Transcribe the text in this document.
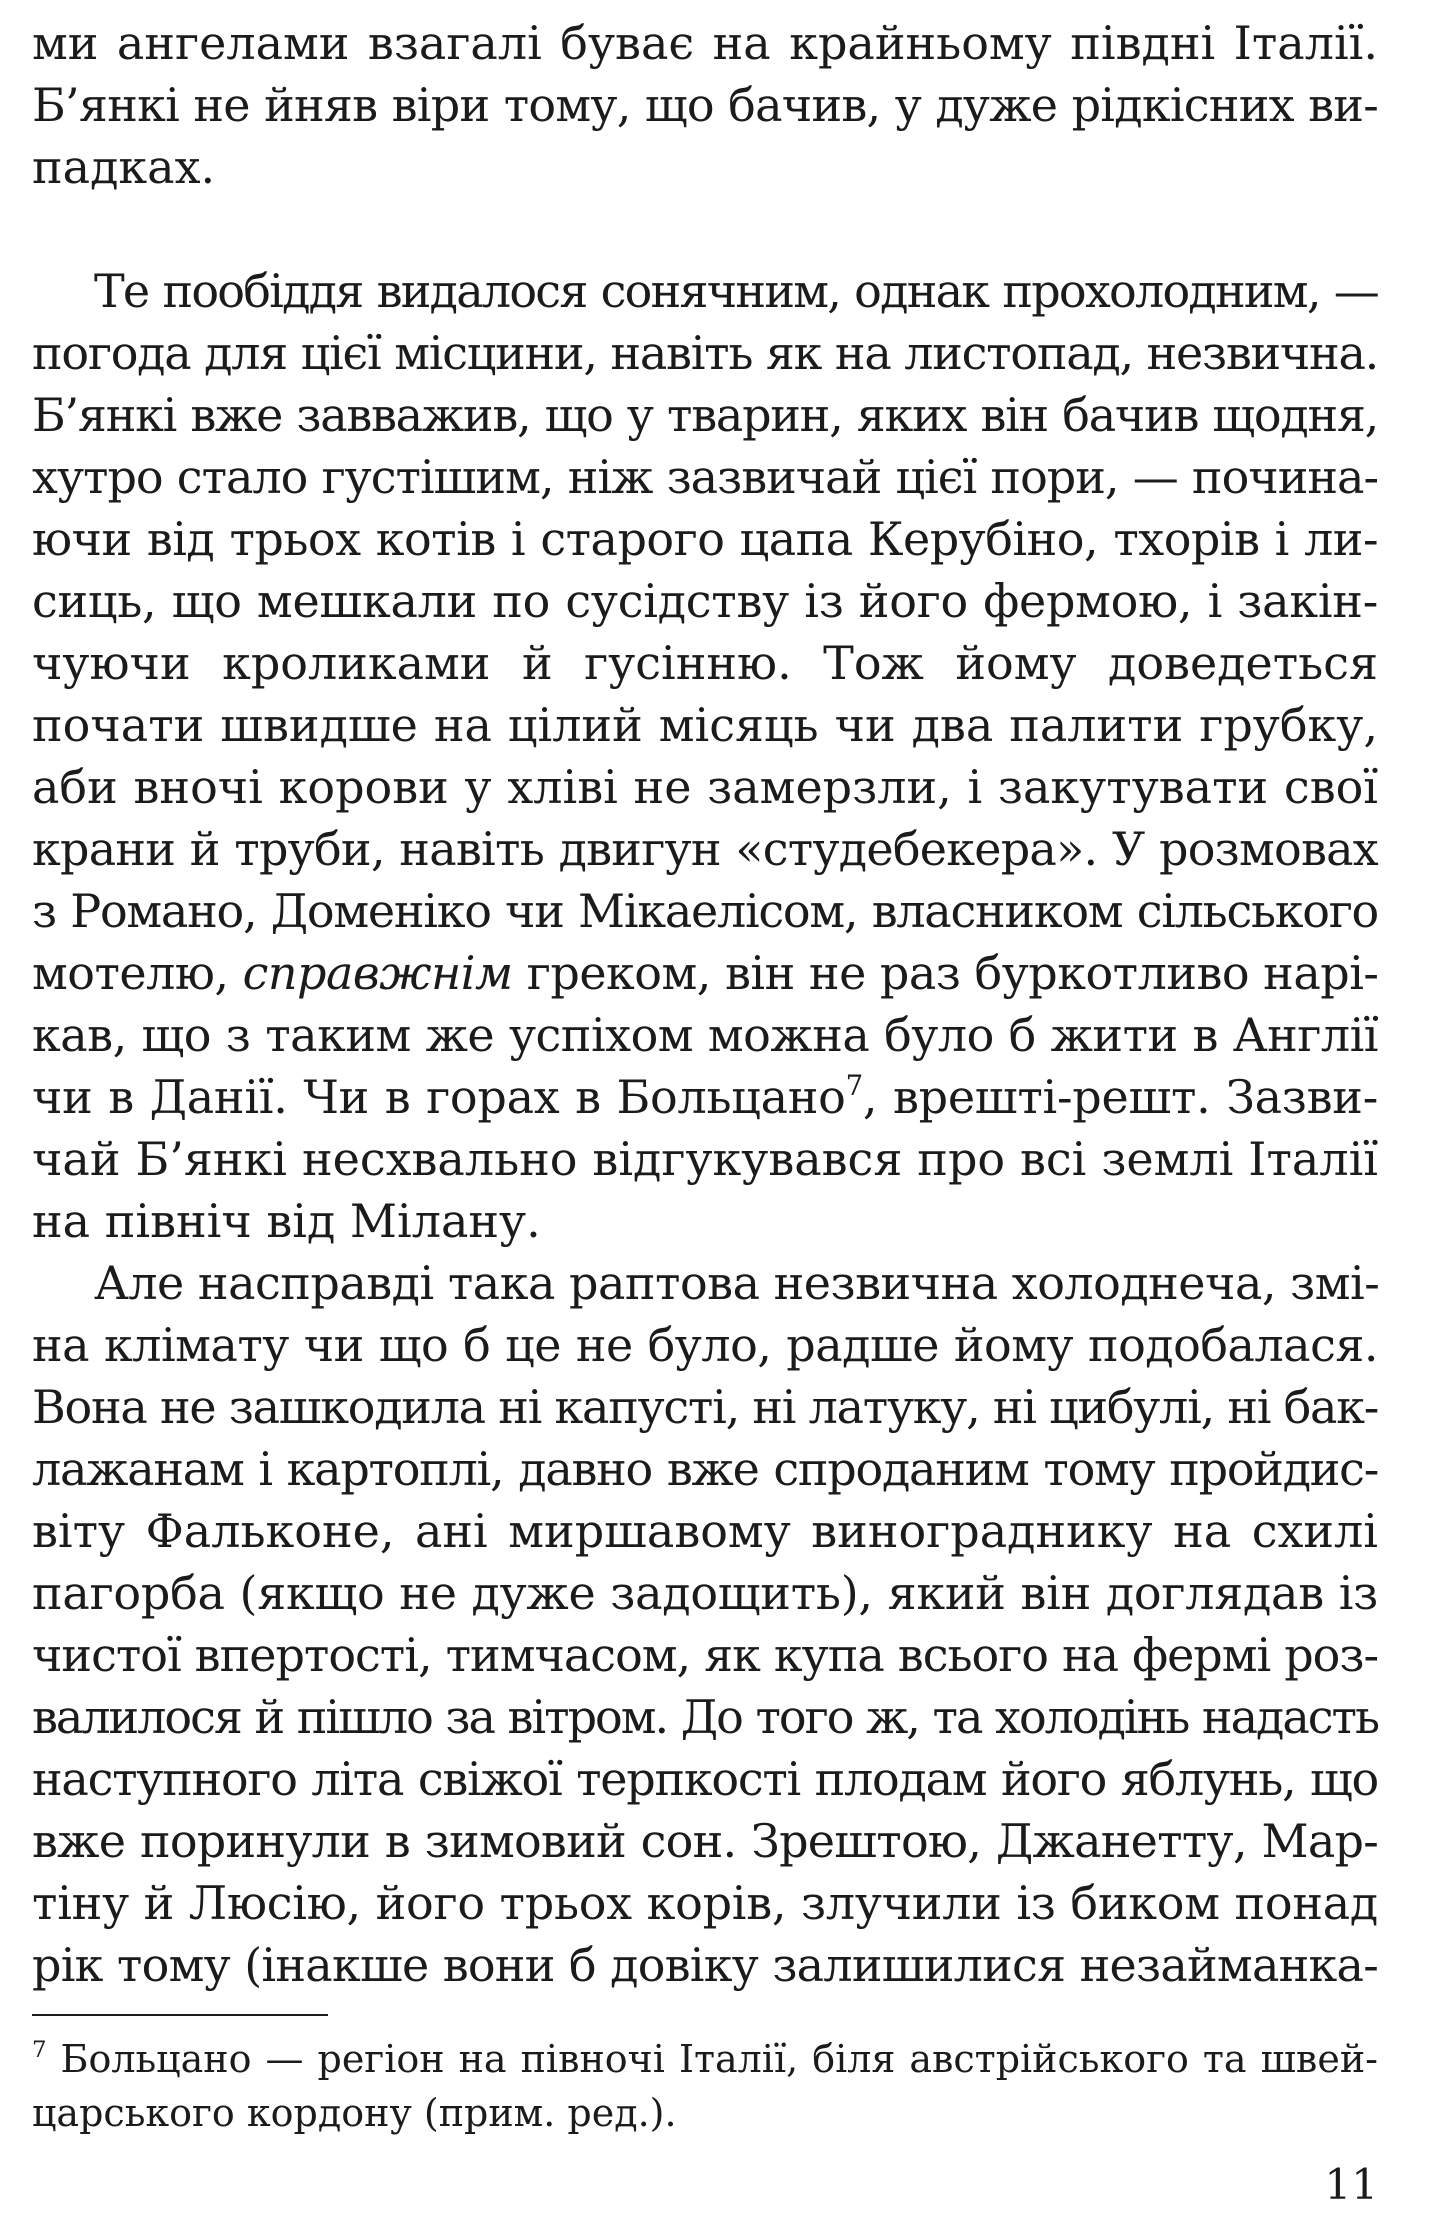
ми ангелами взагалі буває на крайньому півдні Італії.
Б’янкі не йняв віри тому, що бачив, у дуже рідкісних ви-
падках.
Те пообіддя видалося сонячним, однак прохолодним, —
погода для цієї місцини, навіть як на листопад, незвична.
Б’янкі вже завважив, що у тварин, яких він бачив щодня,
хутро стало густішим, ніж зазвичай цієї пори, — почина-
ючи від трьох котів і старого цапа Керубіно, тхорів і ли-
сиць, що мешкали по сусідству із його фермою, і закін-
чуючи кроликами й гусінню. Тож йому доведеться
почати швидше на цілий місяць чи два палити грубку,
аби вночі корови у хліві не замерзли, і закутувати свої
крани й труби, навіть двигун «студебекера». У розмовах
з Романо, Доменіко чи Мікаелісом, власником сільського
мотелю, справжнім греком, він не раз буркотливо нарі-
кав, що з таким же успіхом можна було б жити в Англії
чи в Данії. Чи в горах в Больцано$^7$, врешті-решт. Зазви-
чай Б’янкі несхвально відгукувався про всі землі Італії
на північ від Мілану.
Але насправді така раптова незвична холоднеча, змі-
на клімату чи що б це не було, радше йому подобалася.
Вона не зашкодила ні капусті, ні латуку, ні цибулі, ні бак-
лажанам і картоплі, давно вже спроданим тому пройдис-
віту Фальконе, ані миршавому винограднику на схилі
пагорба (якщо не дуже задощить), який він доглядав із
чистої впертості, тимчасом, як купа всього на фермі роз-
валилося й пішло за вітром. До того ж, та холодінь надасть
наступного літа свіжої терпкості плодам його яблунь, що
вже поринули в зимовий сон. Зрештою, Джанетту, Мар-
тіну й Люсію, його трьох корів, злучили із биком понад
рік тому (інакше вони б довіку залишилися незайманка-
$^7$ Больцано — регіон на півночі Італії, біля австрійського та швей-
царського кордону (прим. ред.).
11
